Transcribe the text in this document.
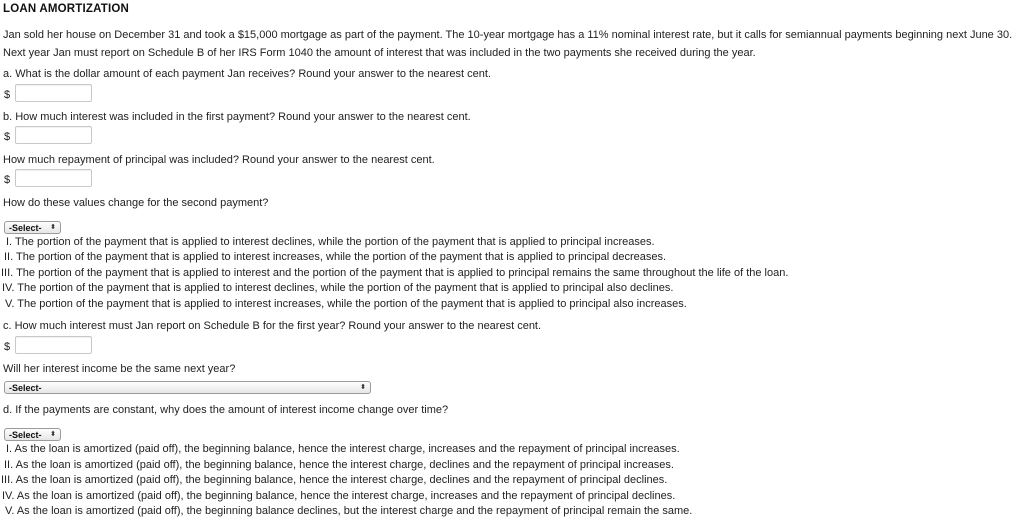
LOAN AMORTIZATION
Jan sold her house on December 31 and took a $15,000 mortgage as part of the payment. The 10-year mortgage has a 11% nominal interest rate, but it calls for semiannual payments beginning next June 30. Next year Jan must report on Schedule B of her IRS Form 1040 the amount of interest that was included in the two payments she received during the year.
a. What is the dollar amount of each payment Jan receives? Round your answer to the nearest cent.
$
b. How much interest was included in the first payment? Round your answer to the nearest cent.
$
How much repayment of principal was included? Round your answer to the nearest cent.
$
How do these values change for the second payment?
-Select- ⬍
I. The portion of the payment that is applied to interest declines, while the portion of the payment that is applied to principal increases.
II. The portion of the payment that is applied to interest increases, while the portion of the payment that is applied to principal decreases.
III. The portion of the payment that is applied to interest and the portion of the payment that is applied to principal remains the same throughout the life of the loan.
IV. The portion of the payment that is applied to interest declines, while the portion of the payment that is applied to principal also declines.
V. The portion of the payment that is applied to interest increases, while the portion of the payment that is applied to principal also increases.
c. How much interest must Jan report on Schedule B for the first year? Round your answer to the nearest cent.
$
Will her interest income be the same next year?
-Select-	⬍
d. If the payments are constant, why does the amount of interest income change over time?
-Select- ⬍
I. As the loan is amortized (paid off), the beginning balance, hence the interest charge, increases and the repayment of principal increases.
II. As the loan is amortized (paid off), the beginning balance, hence the interest charge, declines and the repayment of principal increases.
III. As the loan is amortized (paid off), the beginning balance, hence the interest charge, declines and the repayment of principal declines.
IV. As the loan is amortized (paid off), the beginning balance, hence the interest charge, increases and the repayment of principal declines.
V. As the loan is amortized (paid off), the beginning balance declines, but the interest charge and the repayment of principal remain the same.
